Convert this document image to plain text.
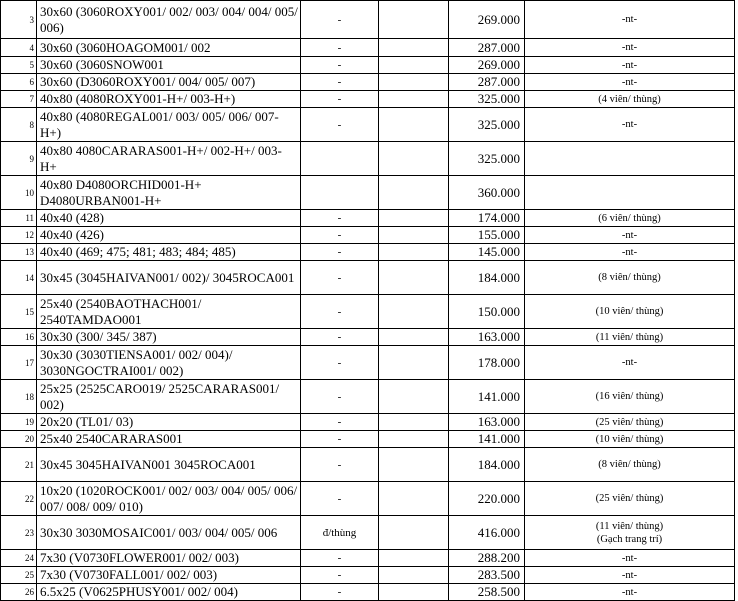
3	30x60 (3060ROXY001/ 002/ 003/ 004/ 004/ 005/ 006)	-		269.000	-nt-
4	30x60 (3060HOAGOM001/ 002	-		287.000	-nt-
5	30x60 (3060SNOW001	-		269.000	-nt-
6	30x60 (D3060ROXY001/ 004/ 005/ 007)	-		287.000	-nt-
7	40x80 (4080ROXY001-H+/ 003-H+)	-		325.000	(4 viên/ thùng)
8	40x80 (4080REGAL001/ 003/ 005/ 006/ 007-H+)	-		325.000	-nt-
9	40x80 4080CARARAS001-H+/ 002-H+/ 003-H+			325.000	
10	40x80 D4080ORCHID001-H+ D4080URBAN001-H+			360.000	
11	40x40 (428)	-		174.000	(6 viên/ thùng)
12	40x40 (426)	-		155.000	-nt-
13	40x40 (469; 475; 481; 483; 484; 485)	-		145.000	-nt-
14	30x45 (3045HAIVAN001/ 002)/ 3045ROCA001	-		184.000	(8 viên/ thùng)
15	25x40 (2540BAOTHACH001/ 2540TAMDAO001	-		150.000	(10 viên/ thùng)
16	30x30 (300/ 345/ 387)	-		163.000	(11 viên/ thùng)
17	30x30 (3030TIENSA001/ 002/ 004)/ 3030NGOCTRAI001/ 002)	-		178.000	-nt-
18	25x25 (2525CARO019/ 2525CARARAS001/ 002)	-		141.000	(16 viên/ thùng)
19	20x20 (TL01/ 03)	-		163.000	(25 viên/ thùng)
20	25x40 2540CARARAS001	-		141.000	(10 viên/ thùng)
21	30x45 3045HAIVAN001 3045ROCA001	-		184.000	(8 viên/ thùng)
22	10x20 (1020ROCK001/ 002/ 003/ 004/ 005/ 006/ 007/ 008/ 009/ 010)	-		220.000	(25 viên/ thùng)
23	30x30 3030MOSAIC001/ 003/ 004/ 005/ 006	đ/thùng		416.000	(11 viên/ thùng)
(Gạch trang trí)
24	7x30 (V0730FLOWER001/ 002/ 003)	-		288.200	-nt-
25	7x30 (V0730FALL001/ 002/ 003)	-		283.500	-nt-
26	6.5x25 (V0625PHUSY001/ 002/ 004)	-		258.500	-nt-
